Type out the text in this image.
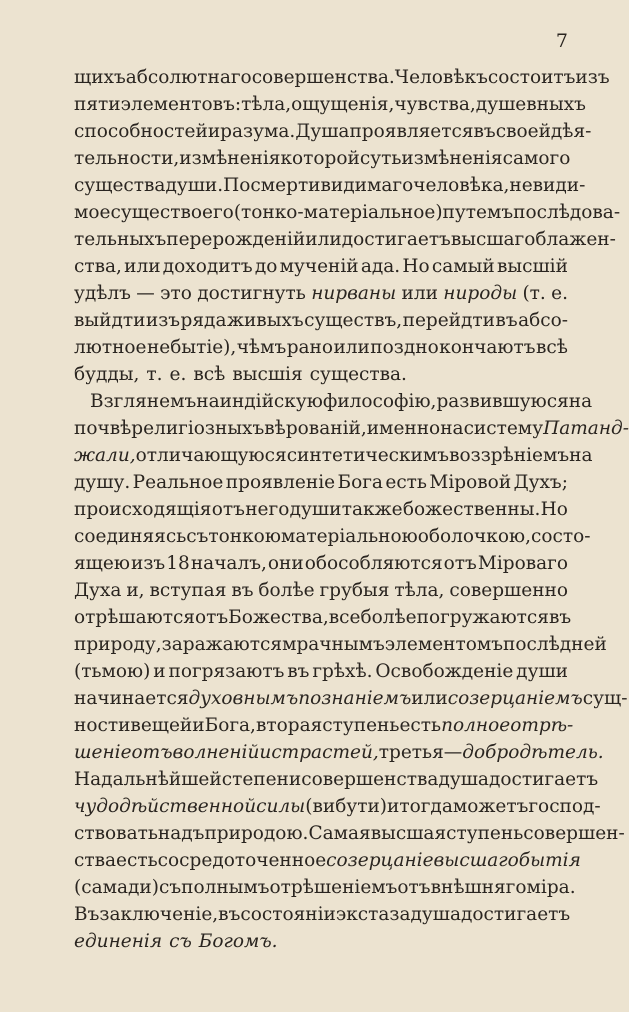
7
щихъ абсолютнаго совершенства. Человѣкъ состоитъ изъ
пяти элементовъ: тѣла, ощущенія, чувства, душевныхъ
способностей и разума. Душа проявляется въ своей дѣя-
тельности, измѣненія которой суть измѣненія самого
существа души. По смерти видимаго человѣка, невиди-
мое существо его (тонко-матеріальное) путемъ послѣдова-
тельныхъ перерожденій или достигаетъ высшаго блажен-
ства, или доходитъ до мученій ада. Но самый высшій
удѣлъ — это достигнуть нирваны или нироды (т. е.
выйдти изъ ряда живыхъ существъ, перейдти въ абсо-
лютное небытіе), чѣмъ рано или поздно кончаютъ всѣ
будды, т. е. всѣ высшія существа.
Взглянемъ на индійскую философію, развившуюся на
почвѣ религіозныхъ вѣрованій, именно на систему Патанд-
жали, отличающуюся синтетическимъ воззрѣніемъ на
душу. Реальное проявленіе Бога есть Міровой Духъ;
происходящія отъ него души также божественны. Но
соединяясь съ тонкою матеріальною оболочкою, состо-
ящею изъ 18 началъ, они обособляются отъ Міроваго
Духа и, вступая въ болѣе грубыя тѣла, совершенно
отрѣшаются отъ Божества, все болѣе погружаются въ
природу, заражаются мрачнымъ элементомъ послѣдней
(тьмою) и погрязаютъ въ грѣхѣ. Освобожденіе души
начинается духовнымъ познаніемъ или созерцаніемъ сущ-
ности вещей и Бога, вторая ступень есть полное отрѣ-
шеніе отъ волненій и страстей, третья — добродѣтель.
На дальнѣйшей степени совершенства душа достигаетъ
чудодѣйственной силы (вибути) и тогда можетъ господ-
ствовать надъ природою. Самая высшая ступень совершен-
ства есть сосредоточенное созерцаніе высшаго бытія
(самади) съ полнымъ отрѣшеніемъ отъ внѣшняго міра.
Въ заключеніе, въ состояніи экстаза душа достигаетъ
единенія съ Богомъ.
